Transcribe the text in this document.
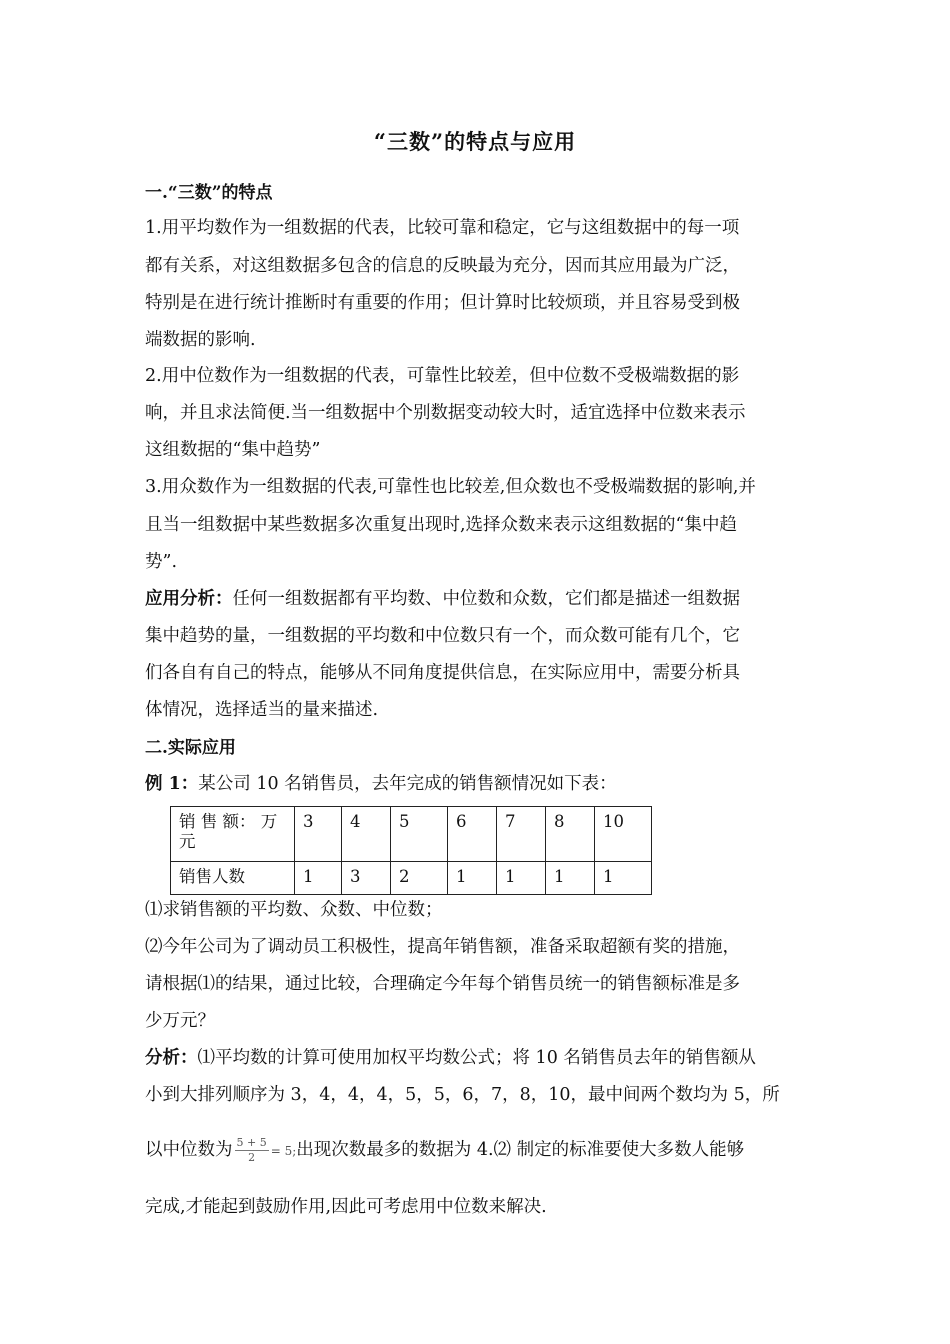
“三数”的特点与应用
一.“三数”的特点
1.用平均数作为一组数据的代表，比较可靠和稳定，它与这组数据中的每一项
都有关系，对这组数据多包含的信息的反映最为充分，因而其应用最为广泛，
特别是在进行统计推断时有重要的作用；但计算时比较烦琐，并且容易受到极
端数据的影响.
2.用中位数作为一组数据的代表，可靠性比较差，但中位数不受极端数据的影
响，并且求法简便.当一组数据中个别数据变动较大时，适宜选择中位数来表示
这组数据的“集中趋势”
3.用众数作为一组数据的代表,可靠性也比较差,但众数也不受极端数据的影响,并
且当一组数据中某些数据多次重复出现时,选择众数来表示这组数据的“集中趋
势”.
应用分析：任何一组数据都有平均数、中位数和众数，它们都是描述一组数据
集中趋势的量，一组数据的平均数和中位数只有一个，而众数可能有几个，它
们各自有自己的特点，能够从不同角度提供信息，在实际应用中，需要分析具
体情况，选择适当的量来描述.
二.实际应用
例 1：某公司 10 名销售员，去年完成的销售额情况如下表：
销 售 额： 万
元	3	4	5	6	7	8	10
销售人数	1	3	2	1	1	1	1
⑴求销售额的平均数、众数、中位数；
⑵今年公司为了调动员工积极性，提高年销售额，准备采取超额有奖的措施，
请根据⑴的结果，通过比较，合理确定今年每个销售员统一的销售额标准是多
少万元？
分析：⑴平均数的计算可使用加权平均数公式；将 10 名销售员去年的销售额从
小到大排列顺序为 3，4，4，4，5，5，6，7，8，10，最中间两个数均为 5，所
以中位数为 $\frac{5 + 5}{2} = 5$;出现次数最多的数据为 4.⑵ 制定的标准要使大多数人能够
完成,才能起到鼓励作用,因此可考虑用中位数来解决.
